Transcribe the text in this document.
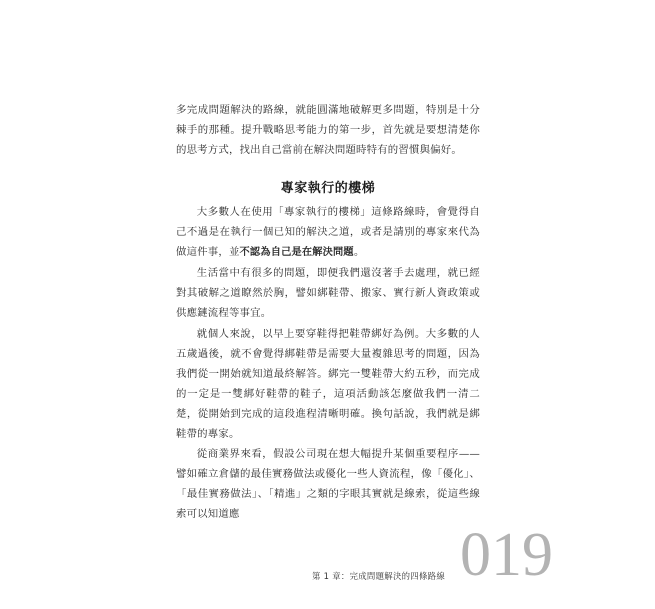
多完成問題解決的路線，就能圓滿地破解更多問題，特別是十分棘手的那種。提升戰略思考能力的第一步，首先就是要想清楚你的思考方式，找出自己當前在解決問題時特有的習慣與偏好。

專家執行的樓梯

大多數人在使用「專家執行的樓梯」這條路線時，會覺得自己不過是在執行一個已知的解決之道，或者是請別的專家來代為做這件事，並不認為自己是在解決問題。

生活當中有很多的問題，即便我們還沒著手去處理，就已經對其破解之道瞭然於胸，譬如綁鞋帶、搬家、實行新人資政策或供應鏈流程等事宜。

就個人來說，以早上要穿鞋得把鞋帶綁好為例。大多數的人五歲過後，就不會覺得綁鞋帶是需要大量複雜思考的問題，因為我們從一開始就知道最終解答。綁完一雙鞋帶大約五秒，而完成的一定是一雙綁好鞋帶的鞋子，這項活動該怎麼做我們一清二楚，從開始到完成的這段進程清晰明確。換句話說，我們就是綁鞋帶的專家。

從商業界來看，假設公司現在想大幅提升某個重要程序——譬如確立倉儲的最佳實務做法或優化一些人資流程，像「優化」、「最佳實務做法」、「精進」之類的字眼其實就是線索，從這些線索可以知道應

第 1 章：完成問題解決的四條路線 019
